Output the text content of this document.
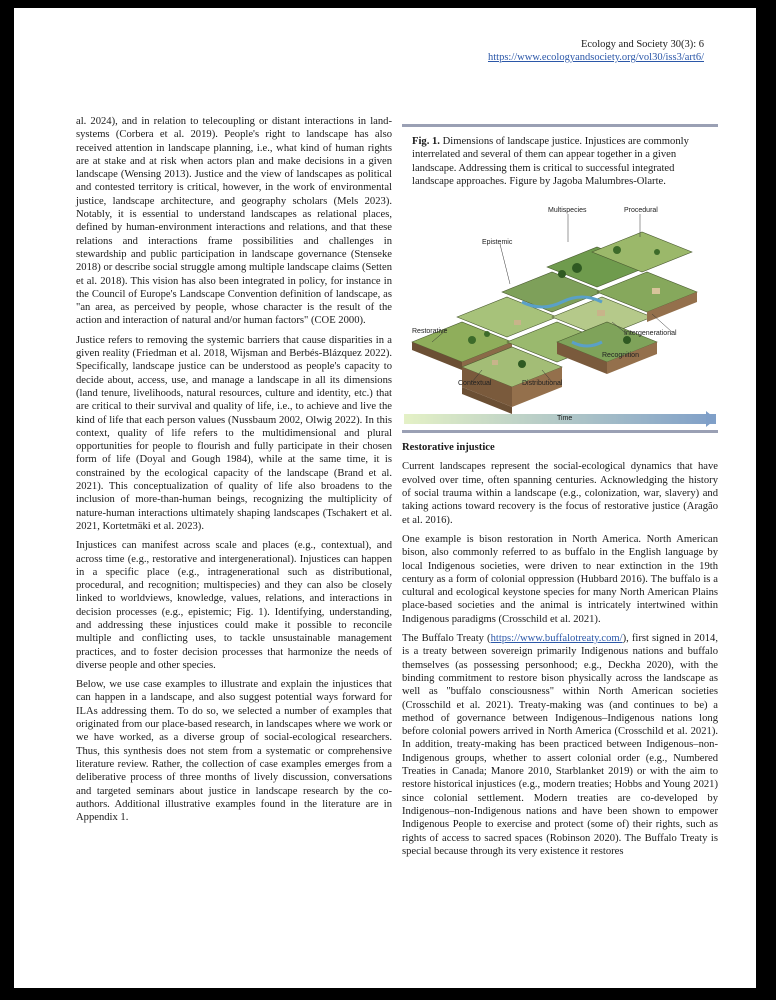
Ecology and Society 30(3): 6
https://www.ecologyandsociety.org/vol30/iss3/art6/

al. 2024), and in relation to telecoupling or distant interactions in land-systems (Corbera et al. 2019). People's right to landscape has also received attention in landscape planning, i.e., what kind of human rights are at stake and at risk when actors plan and make decisions in a given landscape (Wensing 2013). Justice and the view of landscapes as political and contested territory is critical, however, in the work of environmental justice, landscape architecture, and geography scholars (Mels 2023). Notably, it is essential to understand landscapes as relational places, defined by human-environment interactions and relations, and that these relations and interactions frame possibilities and challenges in stewardship and public participation in landscape governance (Stenseke 2018) or describe social struggle among multiple landscape claims (Setten et al. 2018). This vision has also been integrated in policy, for instance in the Council of Europe's Landscape Convention definition of landscape, as "an area, as perceived by people, whose character is the result of the action and interaction of natural and/or human factors" (COE 2000).

Justice refers to removing the systemic barriers that cause disparities in a given reality (Friedman et al. 2018, Wijsman and Berbés-Blázquez 2022). Specifically, landscape justice can be understood as people's capacity to decide about, access, use, and manage a landscape in all its dimensions (land tenure, livelihoods, natural resources, culture and identity, etc.) that are critical to their survival and quality of life, i.e., to achieve and live the kind of life that each person values (Nussbaum 2002, Olwig 2022). In this context, quality of life refers to the multidimensional and plural opportunities for people to flourish and fully participate in their chosen form of life (Doyal and Gough 1984), while at the same time, it is constrained by the ecological capacity of the landscape (Brand et al. 2021). This conceptualization of quality of life also broadens to the inclusion of more-than-human beings, recognizing the multiplicity of nature-human interactions ultimately shaping landscapes (Tschakert et al. 2021, Kortetmäki et al. 2023).

Injustices can manifest across scale and places (e.g., contextual), and across time (e.g., restorative and intergenerational). Injustices can happen in a specific place (e.g., intragenerational such as distributional, procedural, and recognition; multispecies) and they can also be closely linked to worldviews, knowledge, values, relations, and interactions in decision processes (e.g., epistemic; Fig. 1). Identifying, understanding, and addressing these injustices could make it possible to reconcile multiple and conflicting uses, to tackle unsustainable management practices, and to foster decision processes that harmonize the needs of diverse people and other species.

Below, we use case examples to illustrate and explain the injustices that can happen in a landscape, and also suggest potential ways forward for ILAs addressing them. To do so, we selected a number of examples that originated from our place-based research, in landscapes where we work or we have worked, as a diverse group of social-ecological researchers. Thus, this synthesis does not stem from a systematic or comprehensive literature review. Rather, the collection of case examples emerges from a deliberative process of three months of lively discussion, conversations and targeted seminars about justice in landscape research by the co-authors. Additional illustrative examples found in the literature are in Appendix 1.

Fig. 1. Dimensions of landscape justice. Injustices are commonly interrelated and several of them can appear together in a given landscape. Addressing them is critical to successful integrated landscape approaches. Figure by Jagoba Malumbres-Olarte.
Multispecies	Procedural
Epistemic
Restorative	Intergenerational
Recognition
Contextual	Distributional
Time

Restorative injustice

Current landscapes represent the social-ecological dynamics that have evolved over time, often spanning centuries. Acknowledging the history of social trauma within a landscape (e.g., colonization, war, slavery) and taking actions toward recovery is the focus of restorative justice (Aragão et al. 2016).

One example is bison restoration in North America. North American bison, also commonly referred to as buffalo in the English language by local Indigenous societies, were driven to near extinction in the 19th century as a form of colonial oppression (Hubbard 2016). The buffalo is a cultural and ecological keystone species for many North American Plains place-based societies and the animal is intricately intertwined within Indigenous paradigms (Crosschild et al. 2021).

The Buffalo Treaty (https://www.buffalotreaty.com/), first signed in 2014, is a treaty between sovereign primarily Indigenous nations and buffalo themselves (as possessing personhood; e.g., Deckha 2020), with the binding commitment to restore bison physically across the landscape as well as "buffalo consciousness" within North American societies (Crosschild et al. 2021). Treaty-making was (and continues to be) a method of governance between Indigenous–Indigenous nations long before colonial powers arrived in North America (Crosschild et al. 2021). In addition, treaty-making has been practiced between Indigenous–non-Indigenous groups, whether to assert colonial order (e.g., Numbered Treaties in Canada; Manore 2010, Starblanket 2019) or with the aim to restore historical injustices (e.g., modern treaties; Hobbs and Young 2021) since colonial settlement. Modern treaties are co-developed by Indigenous–non-Indigenous nations and have been shown to empower Indigenous People to exercise and protect (some of) their rights, such as rights of access to sacred spaces (Robinson 2020). The Buffalo Treaty is special because through its very existence it restores
